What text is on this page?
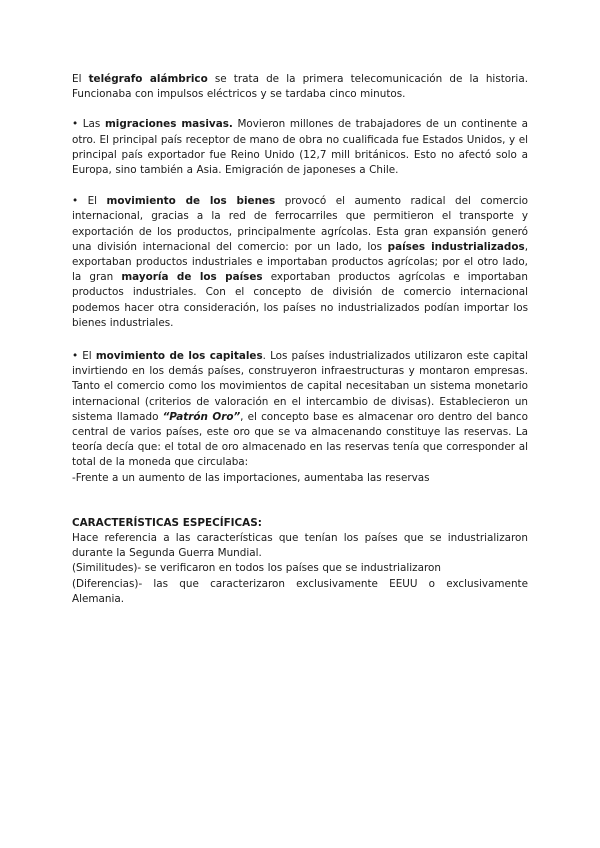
El telégrafo alámbrico se trata de la primera telecomunicación de la historia. Funcionaba con impulsos eléctricos y se tardaba cinco minutos.

• Las migraciones masivas. Movieron millones de trabajadores de un continente a otro. El principal país receptor de mano de obra no cualificada fue Estados Unidos, y el principal país exportador fue Reino Unido (12,7 mill británicos. Esto no afectó solo a Europa, sino también a Asia. Emigración de japoneses a Chile.

• El movimiento de los bienes provocó el aumento radical del comercio internacional, gracias a la red de ferrocarriles que permitieron el transporte y exportación de los productos, principalmente agrícolas. Esta gran expansión generó una división internacional del comercio: por un lado, los países industrializados, exportaban productos industriales e importaban productos agrícolas; por el otro lado, la gran mayoría de los países exportaban productos agrícolas e importaban productos industriales. Con el concepto de división de comercio internacional podemos hacer otra consideración, los países no industrializados podían importar los bienes industriales.

• El movimiento de los capitales. Los países industrializados utilizaron este capital invirtiendo en los demás países, construyeron infraestructuras y montaron empresas. Tanto el comercio como los movimientos de capital necesitaban un sistema monetario internacional (criterios de valoración en el intercambio de divisas). Establecieron un sistema llamado “Patrón Oro”, el concepto base es almacenar oro dentro del banco central de varios países, este oro que se va almacenando constituye las reservas. La teoría decía que: el total de oro almacenado en las reservas tenía que corresponder al total de la moneda que circulaba:

-Frente a un aumento de las importaciones, aumentaba las reservas

CARACTERÍSTICAS ESPECÍFICAS:

Hace referencia a las características que tenían los países que se industrializaron durante la Segunda Guerra Mundial.

(Similitudes)- se verificaron en todos los países que se industrializaron

(Diferencias)- las que caracterizaron exclusivamente EEUU o exclusivamente Alemania.
